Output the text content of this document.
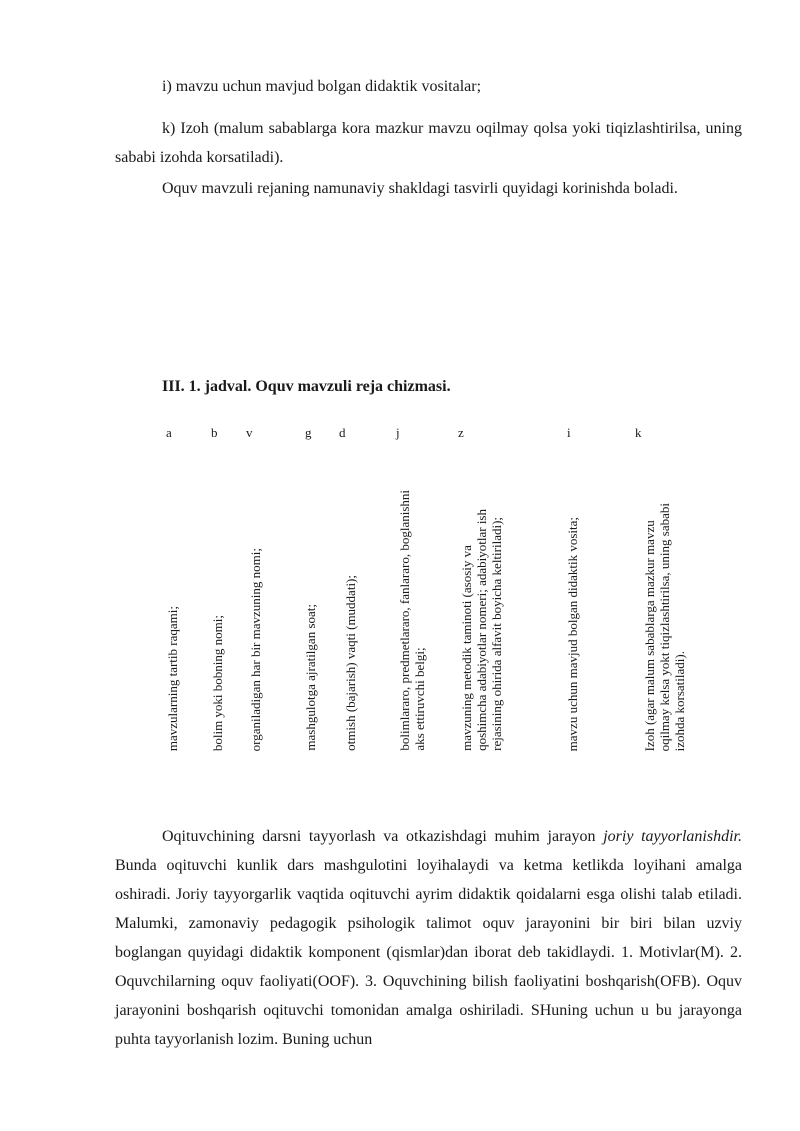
i) mavzu uchun mavjud bolgan didaktik vositalar;

k) Izoh (malum sabablarga kora mazkur mavzu oqilmay qolsa yoki tiqizlashtirilsa, uning sababi izohda korsatiladi).

Oquv mavzuli rejaning namunaviy shakldagi tasvirli quyidagi korinishda boladi.

III. 1. jadval. Oquv mavzuli reja chizmasi.

a
mavzularning tartib raqami;
b
bolim yoki bobning nomi;
v
organiladigan har bir mavzuning nomi;
g
mashgulotga ajratilgan soat;
d
otmish (bajarish) vaqti (muddati);
j
bolimlararo, predmetlararo, fanlararo, boglanishni aks ettiruvchi belgi;
z
mavzuning metodik taminoti (asosiy va qoshimcha adabiyotlar nomeri; adabiyotlar ish rejasining ohirida alfavit boyicha keltiriladi);
i
mavzu uchun mavjud bolgan didaktik vosita;
k
Izoh (agar malum sabablarga mazkur mavzu oqilmay kelsa yokt tiqizlashtirilsa, uning sababi izohda korsatiladi).

Oqituvchining darsni tayyorlash va otkazishdagi muhim jarayon joriy tayyorlanishdir. Bunda oqituvchi kunlik dars mashgulotini loyihalaydi va ketma ketlikda loyihani amalga oshiradi. Joriy tayyorgarlik vaqtida oqituvchi ayrim didaktik qoidalarni esga olishi talab etiladi. Malumki, zamonaviy pedagogik psihologik talimot oquv jarayonini bir biri bilan uzviy boglangan quyidagi didaktik komponent (qismlar)dan iborat deb takidlaydi. 1. Motivlar(M). 2. Oquvchilarning oquv faoliyati(OOF). 3. Oquvchining bilish faoliyatini boshqarish(OFB). Oquv jarayonini boshqarish oqituvchi tomonidan amalga oshiriladi. SHuning uchun u bu jarayonga puhta tayyorlanish lozim. Buning uchun
